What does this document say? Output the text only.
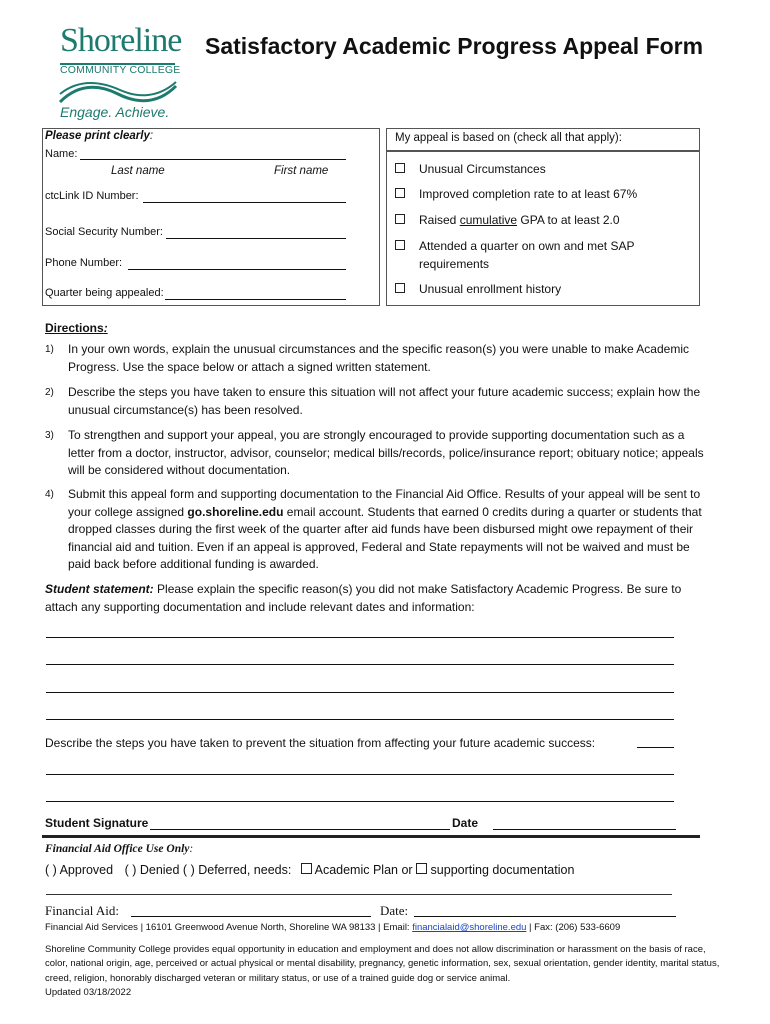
Shoreline
COMMUNITY COLLEGE
Engage. Achieve.
Satisfactory Academic Progress Appeal Form
Please print clearly:
Name:
Last name	First name
ctcLink ID Number:
Social Security Number:
Phone Number:
Quarter being appealed:
My appeal is based on (check all that apply):
Unusual Circumstances
Improved completion rate to at least 67%
Raised cumulative GPA to at least 2.0
Attended a quarter on own and met SAP requirements
Unusual enrollment history
Directions:
1) In your own words, explain the unusual circumstances and the specific reason(s) you were unable to make Academic Progress. Use the space below or attach a signed written statement.
2) Describe the steps you have taken to ensure this situation will not affect your future academic success; explain how the unusual circumstance(s) has been resolved.
3) To strengthen and support your appeal, you are strongly encouraged to provide supporting documentation such as a letter from a doctor, instructor, advisor, counselor; medical bills/records, police/insurance report; obituary notice; appeals will be considered without documentation.
4) Submit this appeal form and supporting documentation to the Financial Aid Office. Results of your appeal will be sent to your college assigned go.shoreline.edu email account. Students that earned 0 credits during a quarter or students that dropped classes during the first week of the quarter after aid funds have been disbursed might owe repayment of their financial aid and tuition. Even if an appeal is approved, Federal and State repayments will not be waived and must be paid back before additional funding is awarded.
Student statement: Please explain the specific reason(s) you did not make Satisfactory Academic Progress. Be sure to attach any supporting documentation and include relevant dates and information:
Describe the steps you have taken to prevent the situation from affecting your future academic success:
Student Signature	Date
Financial Aid Office Use Only:
( ) Approved ( ) Denied ( ) Deferred, needs: Academic Plan or supporting documentation
Financial Aid:	Date:
Financial Aid Services | 16101 Greenwood Avenue North, Shoreline WA 98133 | Email: financialaid@shoreline.edu | Fax: (206) 533-6609
Shoreline Community College provides equal opportunity in education and employment and does not allow discrimination or harassment on the basis of race, color, national origin, age, perceived or actual physical or mental disability, pregnancy, genetic information, sex, sexual orientation, gender identity, marital status, creed, religion, honorably discharged veteran or military status, or use of a trained guide dog or service animal.
Updated 03/18/2022
